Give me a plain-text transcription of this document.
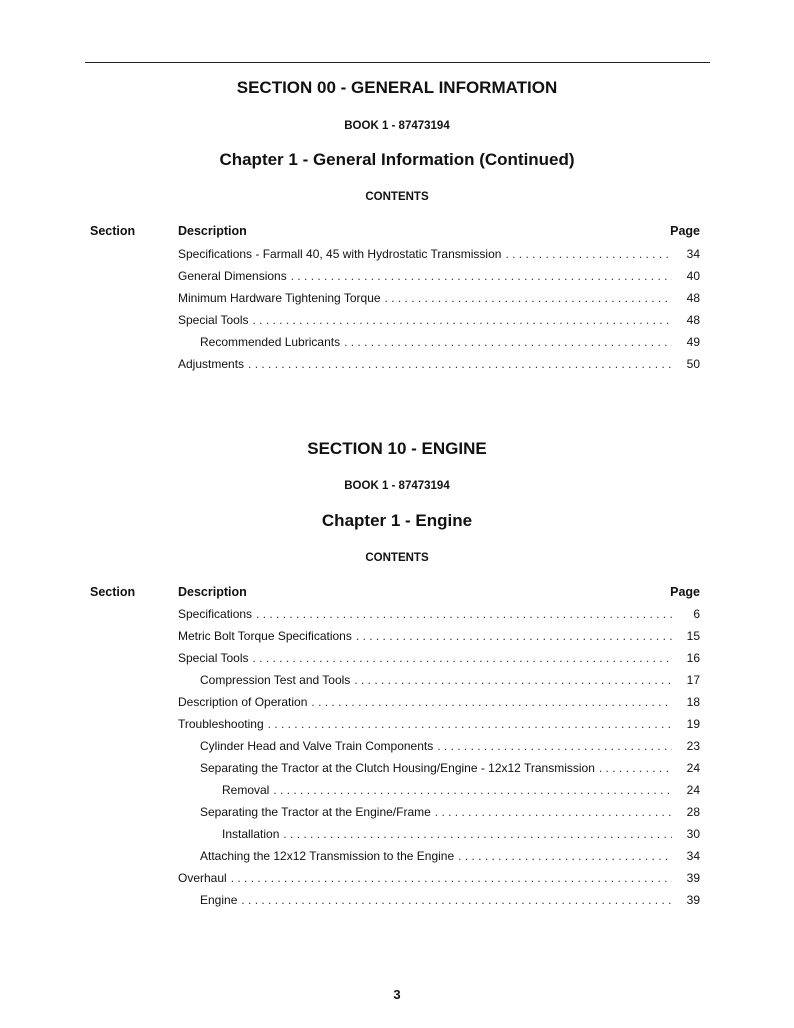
SECTION 00 - GENERAL INFORMATION
BOOK 1 - 87473194
Chapter 1 - General Information (Continued)
CONTENTS
Section	Description	Page
Specifications - Farmall 40, 45 with Hydrostatic Transmission . . .	34
General Dimensions . . .	40
Minimum Hardware Tightening Torque . . .	48
Special Tools . . .	48
Recommended Lubricants . . .	49
Adjustments . . .	50
SECTION 10 - ENGINE
BOOK 1 - 87473194
Chapter 1 - Engine
CONTENTS
Section	Description	Page
Specifications . . .	6
Metric Bolt Torque Specifications . . .	15
Special Tools . . .	16
Compression Test and Tools . . .	17
Description of Operation . . .	18
Troubleshooting . . .	19
Cylinder Head and Valve Train Components . . .	23
Separating the Tractor at the Clutch Housing/Engine - 12x12 Transmission . . .	24
Removal . . .	24
Separating the Tractor at the Engine/Frame . . .	28
Installation . . .	30
Attaching the 12x12 Transmission to the Engine . . .	34
Overhaul . . .	39
Engine . . .	39
3
